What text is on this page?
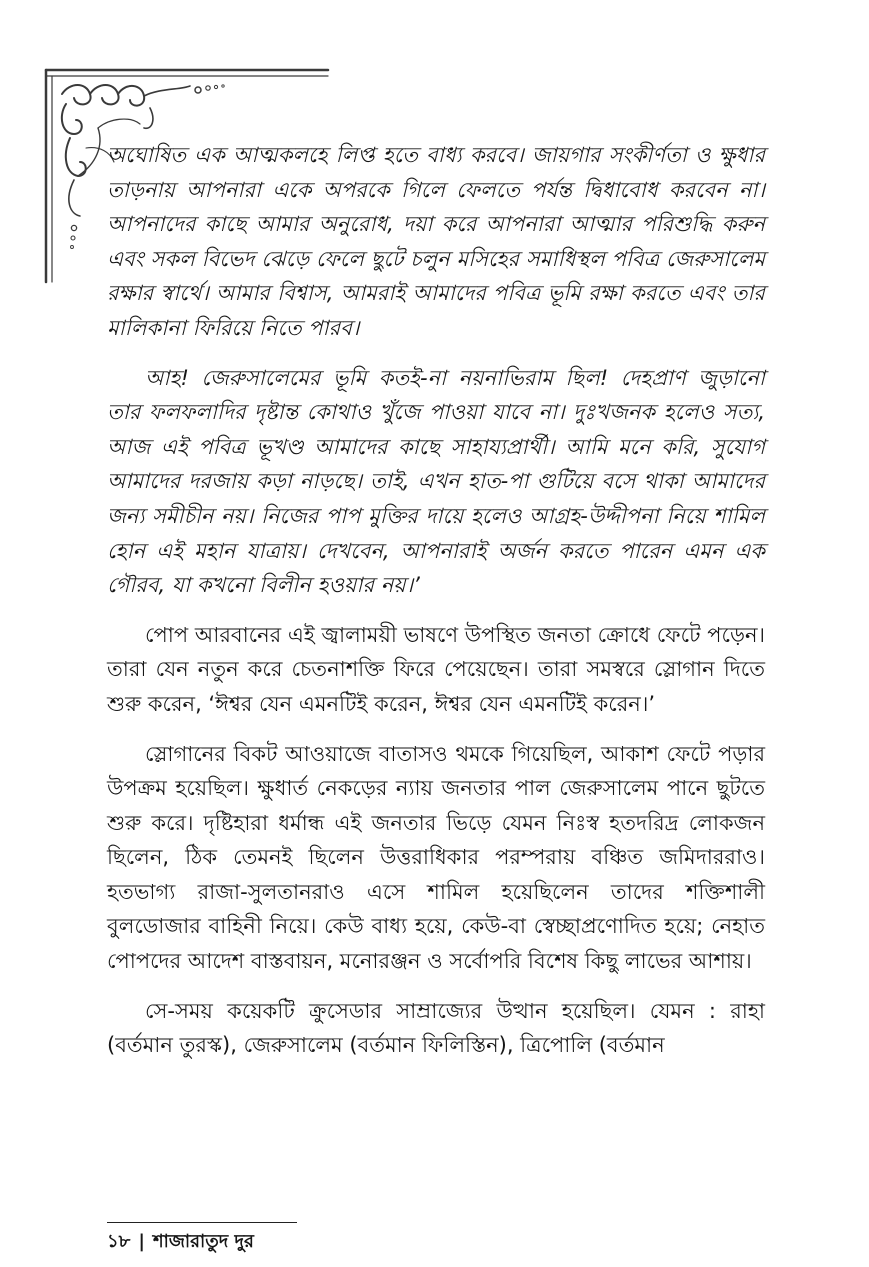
অঘোষিত এক আত্মকলহে লিপ্ত হতে বাধ্য করবে। জায়গার সংকীর্ণতা ও ক্ষুধার তাড়নায় আপনারা একে অপরকে গিলে ফেলতে পর্যন্ত দ্বিধাবোধ করবেন না। আপনাদের কাছে আমার অনুরোধ, দয়া করে আপনারা আত্মার পরিশুদ্ধি করুন এবং সকল বিভেদ ঝেড়ে ফেলে ছুটে চলুন মসিহের সমাধিস্থল পবিত্র জেরুসালেম রক্ষার স্বার্থে। আমার বিশ্বাস, আমরাই আমাদের পবিত্র ভূমি রক্ষা করতে এবং তার মালিকানা ফিরিয়ে নিতে পারব।

আহ! জেরুসালেমের ভূমি কতই-না নয়নাভিরাম ছিল! দেহপ্রাণ জুড়ানো তার ফলফলাদির দৃষ্টান্ত কোথাও খুঁজে পাওয়া যাবে না। দুঃখজনক হলেও সত্য, আজ এই পবিত্র ভূখণ্ড আমাদের কাছে সাহায্যপ্রার্থী। আমি মনে করি, সুযোগ আমাদের দরজায় কড়া নাড়ছে। তাই, এখন হাত-পা গুটিয়ে বসে থাকা আমাদের জন্য সমীচীন নয়। নিজের পাপ মুক্তির দায়ে হলেও আগ্রহ-উদ্দীপনা নিয়ে শামিল হোন এই মহান যাত্রায়। দেখবেন, আপনারাই অর্জন করতে পারেন এমন এক গৌরব, যা কখনো বিলীন হওয়ার নয়।’

পোপ আরবানের এই জ্বালাময়ী ভাষণে উপস্থিত জনতা ক্রোধে ফেটে পড়েন। তারা যেন নতুন করে চেতনাশক্তি ফিরে পেয়েছেন। তারা সমস্বরে স্লোগান দিতে শুরু করেন, ‘ঈশ্বর যেন এমনটিই করেন, ঈশ্বর যেন এমনটিই করেন।’

স্লোগানের বিকট আওয়াজে বাতাসও থমকে গিয়েছিল, আকাশ ফেটে পড়ার উপক্রম হয়েছিল। ক্ষুধার্ত নেকড়ের ন্যায় জনতার পাল জেরুসালেম পানে ছুটতে শুরু করে। দৃষ্টিহারা ধর্মান্ধ এই জনতার ভিড়ে যেমন নিঃস্ব হতদরিদ্র লোকজন ছিলেন, ঠিক তেমনই ছিলেন উত্তরাধিকার পরম্পরায় বঞ্চিত জমিদাররাও। হতভাগ্য রাজা-সুলতানরাও এসে শামিল হয়েছিলেন তাদের শক্তিশালী বুলডোজার বাহিনী নিয়ে। কেউ বাধ্য হয়ে, কেউ-বা স্বেচ্ছাপ্রণোদিত হয়ে; নেহাত পোপদের আদেশ বাস্তবায়ন, মনোরঞ্জন ও সর্বোপরি বিশেষ কিছু লাভের আশায়।

সে-সময় কয়েকটি ক্রুসেডার সাম্রাজ্যের উত্থান হয়েছিল। যেমন : রাহা (বর্তমান তুরস্ক), জেরুসালেম (বর্তমান ফিলিস্তিন), ত্রিপোলি (বর্তমান

১৮ | শাজারাতুদ দুর
